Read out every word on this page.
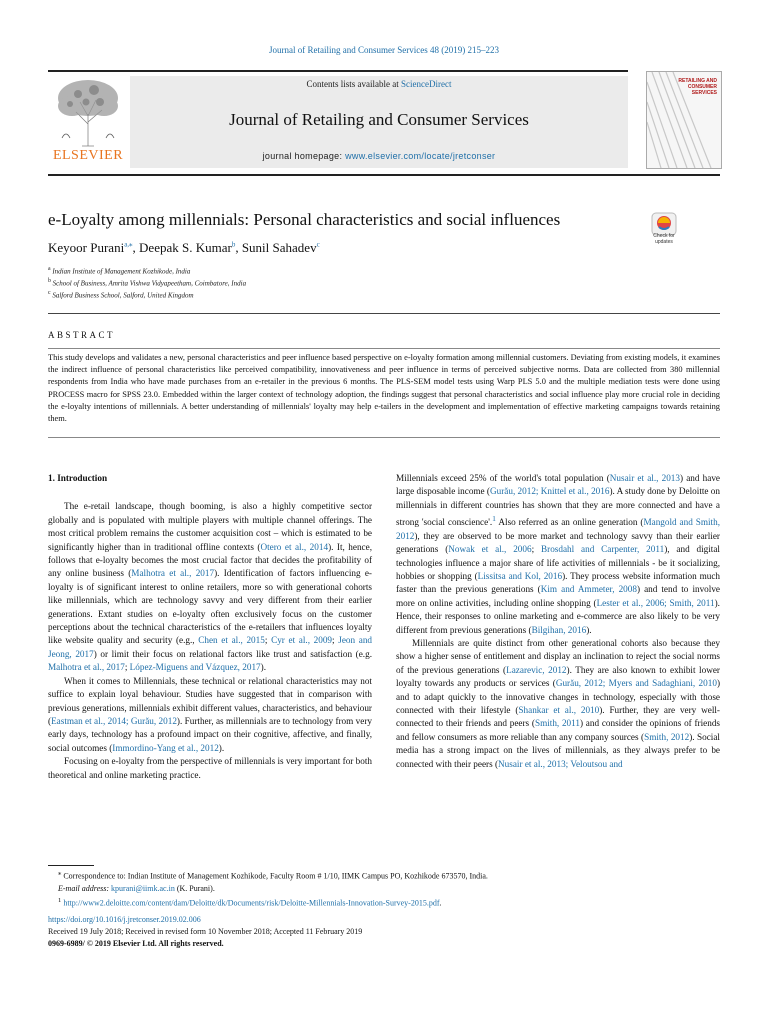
Journal of Retailing and Consumer Services 48 (2019) 215–223
ELSEVIER
Contents lists available at ScienceDirect
Journal of Retailing and Consumer Services
journal homepage: www.elsevier.com/locate/jretconser
RETAILING AND CONSUMER SERVICES
e-Loyalty among millennials: Personal characteristics and social influences
Check for updates
Keyoor Purani$^{a,⁎}$, Deepak S. Kumar$^b$, Sunil Sahadev$^c$
$^a$ Indian Institute of Management Kozhikode, India
$^b$ School of Business, Amrita Vishwa Vidyapeetham, Coimbatore, India
$^c$ Salford Business School, Salford, United Kingdom
ABSTRACT
This study develops and validates a new, personal characteristics and peer influence based perspective on e-loyalty formation among millennial customers. Deviating from existing models, it examines the indirect influence of personal characteristics like perceived compatibility, innovativeness and peer influence in terms of perceived subjective norms. Data are collected from 380 millennial respondents from India who have made purchases from an e-retailer in the previous 6 months. The PLS-SEM model tests using Warp PLS 5.0 and the multiple mediation tests were done using PROCESS macro for SPSS 23.0. Embedded within the larger context of technology adoption, the findings suggest that personal characteristics and social influence play more crucial role in deciding the e-loyalty intentions of millennials. A better understanding of millennials' loyalty may help e-tailers in the development and implementation of effective marketing campaigns towards retaining them.

1. Introduction

The e-retail landscape, though booming, is also a highly competitive sector globally and is populated with multiple players with multiple channel offerings. The most critical problem remains the customer acquisition cost – which is estimated to be significantly higher than in traditional offline contexts (Otero et al., 2014). It, hence, follows that e-loyalty becomes the most crucial factor that decides the profitability of any online business (Malhotra et al., 2017). Identification of factors influencing e-loyalty is of significant interest to online retailers, more so with generational cohorts like millennials, which are technology savvy and very different from their earlier generations. Extant studies on e-loyalty often exclusively focus on the customer perceptions about the technical characteristics of the e-retailers that influences loyalty like website quality and security (e.g., Chen et al., 2015; Cyr et al., 2009; Jeon and Jeong, 2017) or limit their focus on relational factors like trust and satisfaction (e.g. Malhotra et al., 2017; López-Miguens and Vázquez, 2017).

When it comes to Millennials, these technical or relational characteristics may not suffice to explain loyal behaviour. Studies have suggested that in comparison with previous generations, millennials exhibit different values, characteristics, and behaviour (Eastman et al., 2014; Gurău, 2012). Further, as millennials are to technology from very early days, technology has a profound impact on their cognitive, affective, and finally, social outcomes (Immordino-Yang et al., 2012).

Focusing on e-loyalty from the perspective of millennials is very important for both theoretical and online marketing practice.

Millennials exceed 25% of the world's total population (Nusair et al., 2013) and have large disposable income (Gurău, 2012; Knittel et al., 2016). A study done by Deloitte on millennials in different countries has shown that they are more connected and have a strong 'social conscience'.$^1$ Also referred as an online generation (Mangold and Smith, 2012), they are observed to be more market and technology savvy than their earlier generations (Nowak et al., 2006; Brosdahl and Carpenter, 2011), and digital technologies influence a major share of life activities of millennials - be it socializing, hobbies or shopping (Lissitsa and Kol, 2016). They process website information much faster than the previous generations (Kim and Ammeter, 2008) and tend to involve more on online activities, including online shopping (Lester et al., 2006; Smith, 2011). Hence, their responses to online marketing and e-commerce are also likely to be very different from previous generations (Bilgihan, 2016).

Millennials are quite distinct from other generational cohorts also because they show a higher sense of entitlement and display an inclination to reject the social norms of the previous generations (Lazarevic, 2012). They are also known to exhibit lower loyalty towards any products or services (Gurău, 2012; Myers and Sadaghiani, 2010) and to adapt quickly to the innovative changes in technology, especially with those connected with their lifestyle (Shankar et al., 2010). Further, they are very well-connected to their friends and peers (Smith, 2011) and consider the opinions of friends and fellow consumers as more reliable than any company sources (Smith, 2012). Social media has a strong impact on the lives of millennials, as they always prefer to be connected with their peers (Nusair et al., 2013; Veloutsou and

⁎ Correspondence to: Indian Institute of Management Kozhikode, Faculty Room # 1/10, IIMK Campus PO, Kozhikode 673570, India.
E-mail address: kpurani@iimk.ac.in (K. Purani).
$^1$ http://www2.deloitte.com/content/dam/Deloitte/dk/Documents/risk/Deloitte-Millennials-Innovation-Survey-2015.pdf.
https://doi.org/10.1016/j.jretconser.2019.02.006
Received 19 July 2018; Received in revised form 10 November 2018; Accepted 11 February 2019
0969-6989/ © 2019 Elsevier Ltd. All rights reserved.
